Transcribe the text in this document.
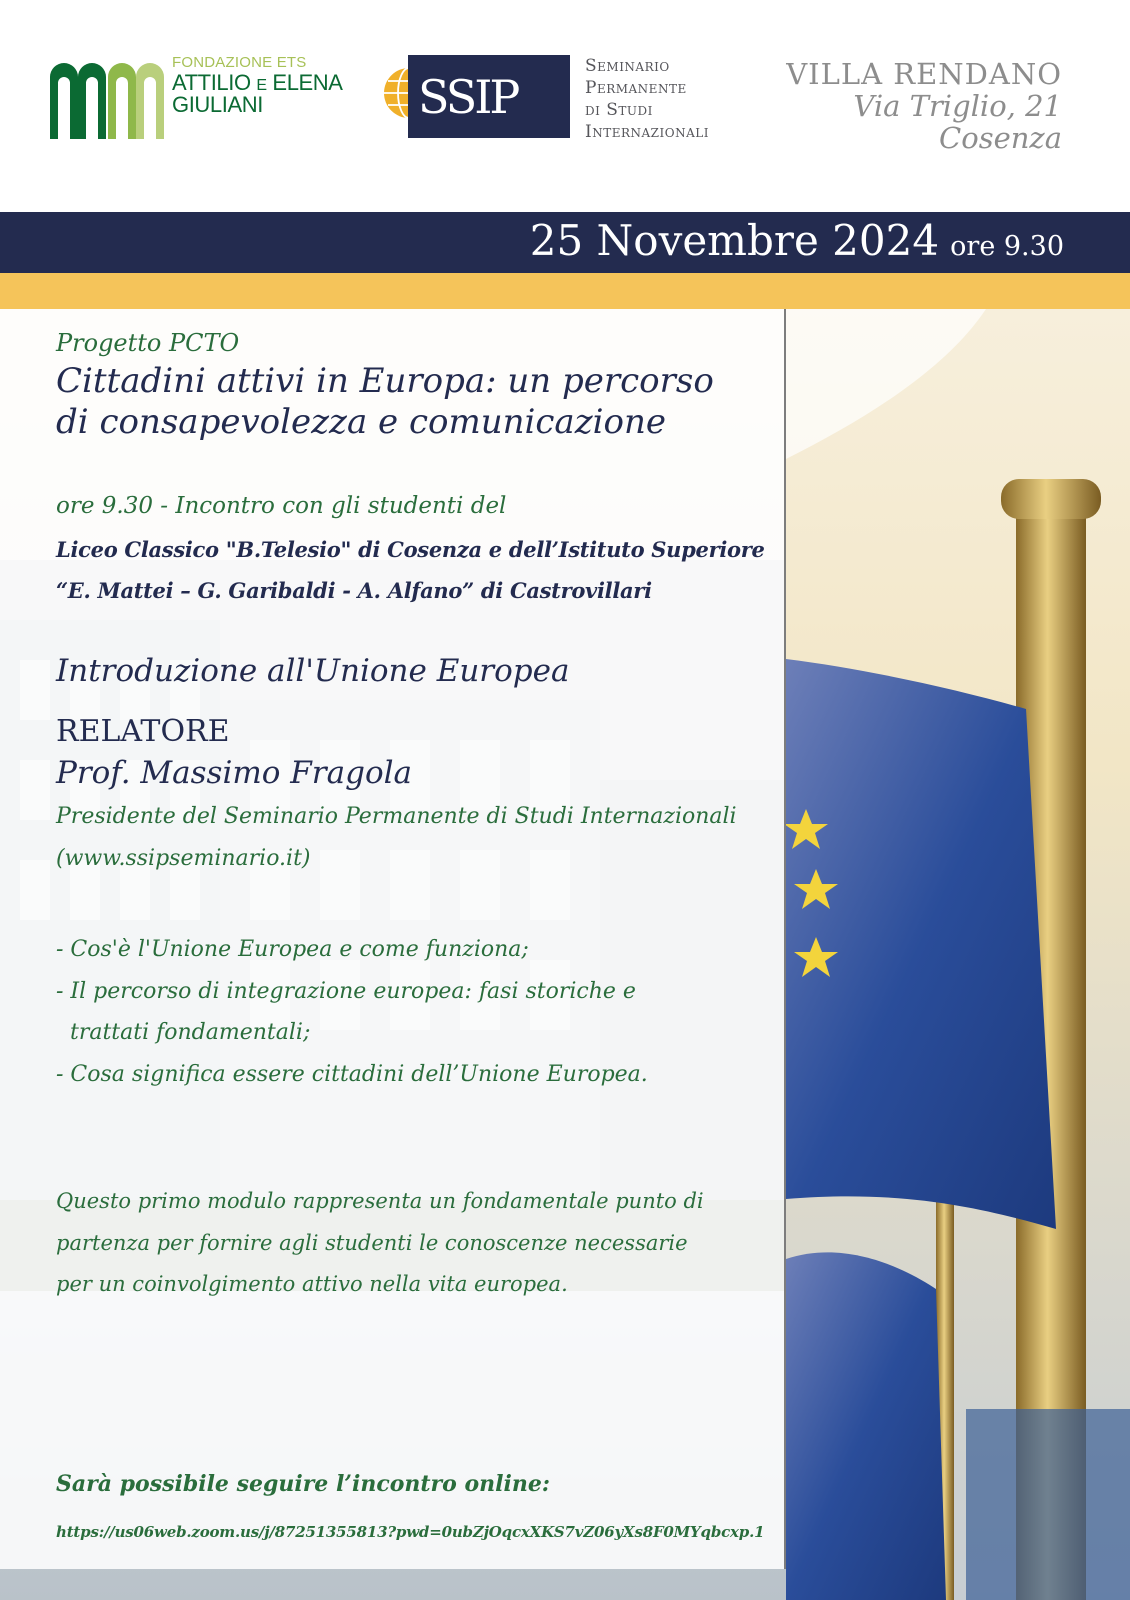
FONDAZIONE ETS
ATTILIO E ELENA
GIULIANI	SSIP
Seminario
Permanente
di Studi
Internazionali
VILLA RENDANO
Via Triglio, 21
Cosenza
25 Novembre 2024 ore 9.30
Progetto PCTO
Cittadini attivi in Europa: un percorso
di consapevolezza e comunicazione
ore 9.30 - Incontro con gli studenti del
Liceo Classico "B.Telesio" di Cosenza e dell’Istituto Superiore
“E. Mattei – G. Garibaldi - A. Alfano” di Castrovillari
Introduzione all'Unione Europea
RELATORE
Prof. Massimo Fragola
Presidente del Seminario Permanente di Studi Internazionali
(www.ssipseminario.it)
- Cos'è l'Unione Europea e come funziona;
- Il percorso di integrazione europea: fasi storiche e
trattati fondamentali;
- Cosa significa essere cittadini dell’Unione Europea.
Questo primo modulo rappresenta un fondamentale punto di
partenza per fornire agli studenti le conoscenze necessarie
per un coinvolgimento attivo nella vita europea.
Sarà possibile seguire l’incontro online:
https://us06web.zoom.us/j/87251355813?pwd=0ubZjOqcxXKS7vZ06yXs8F0MYqbcxp.1
